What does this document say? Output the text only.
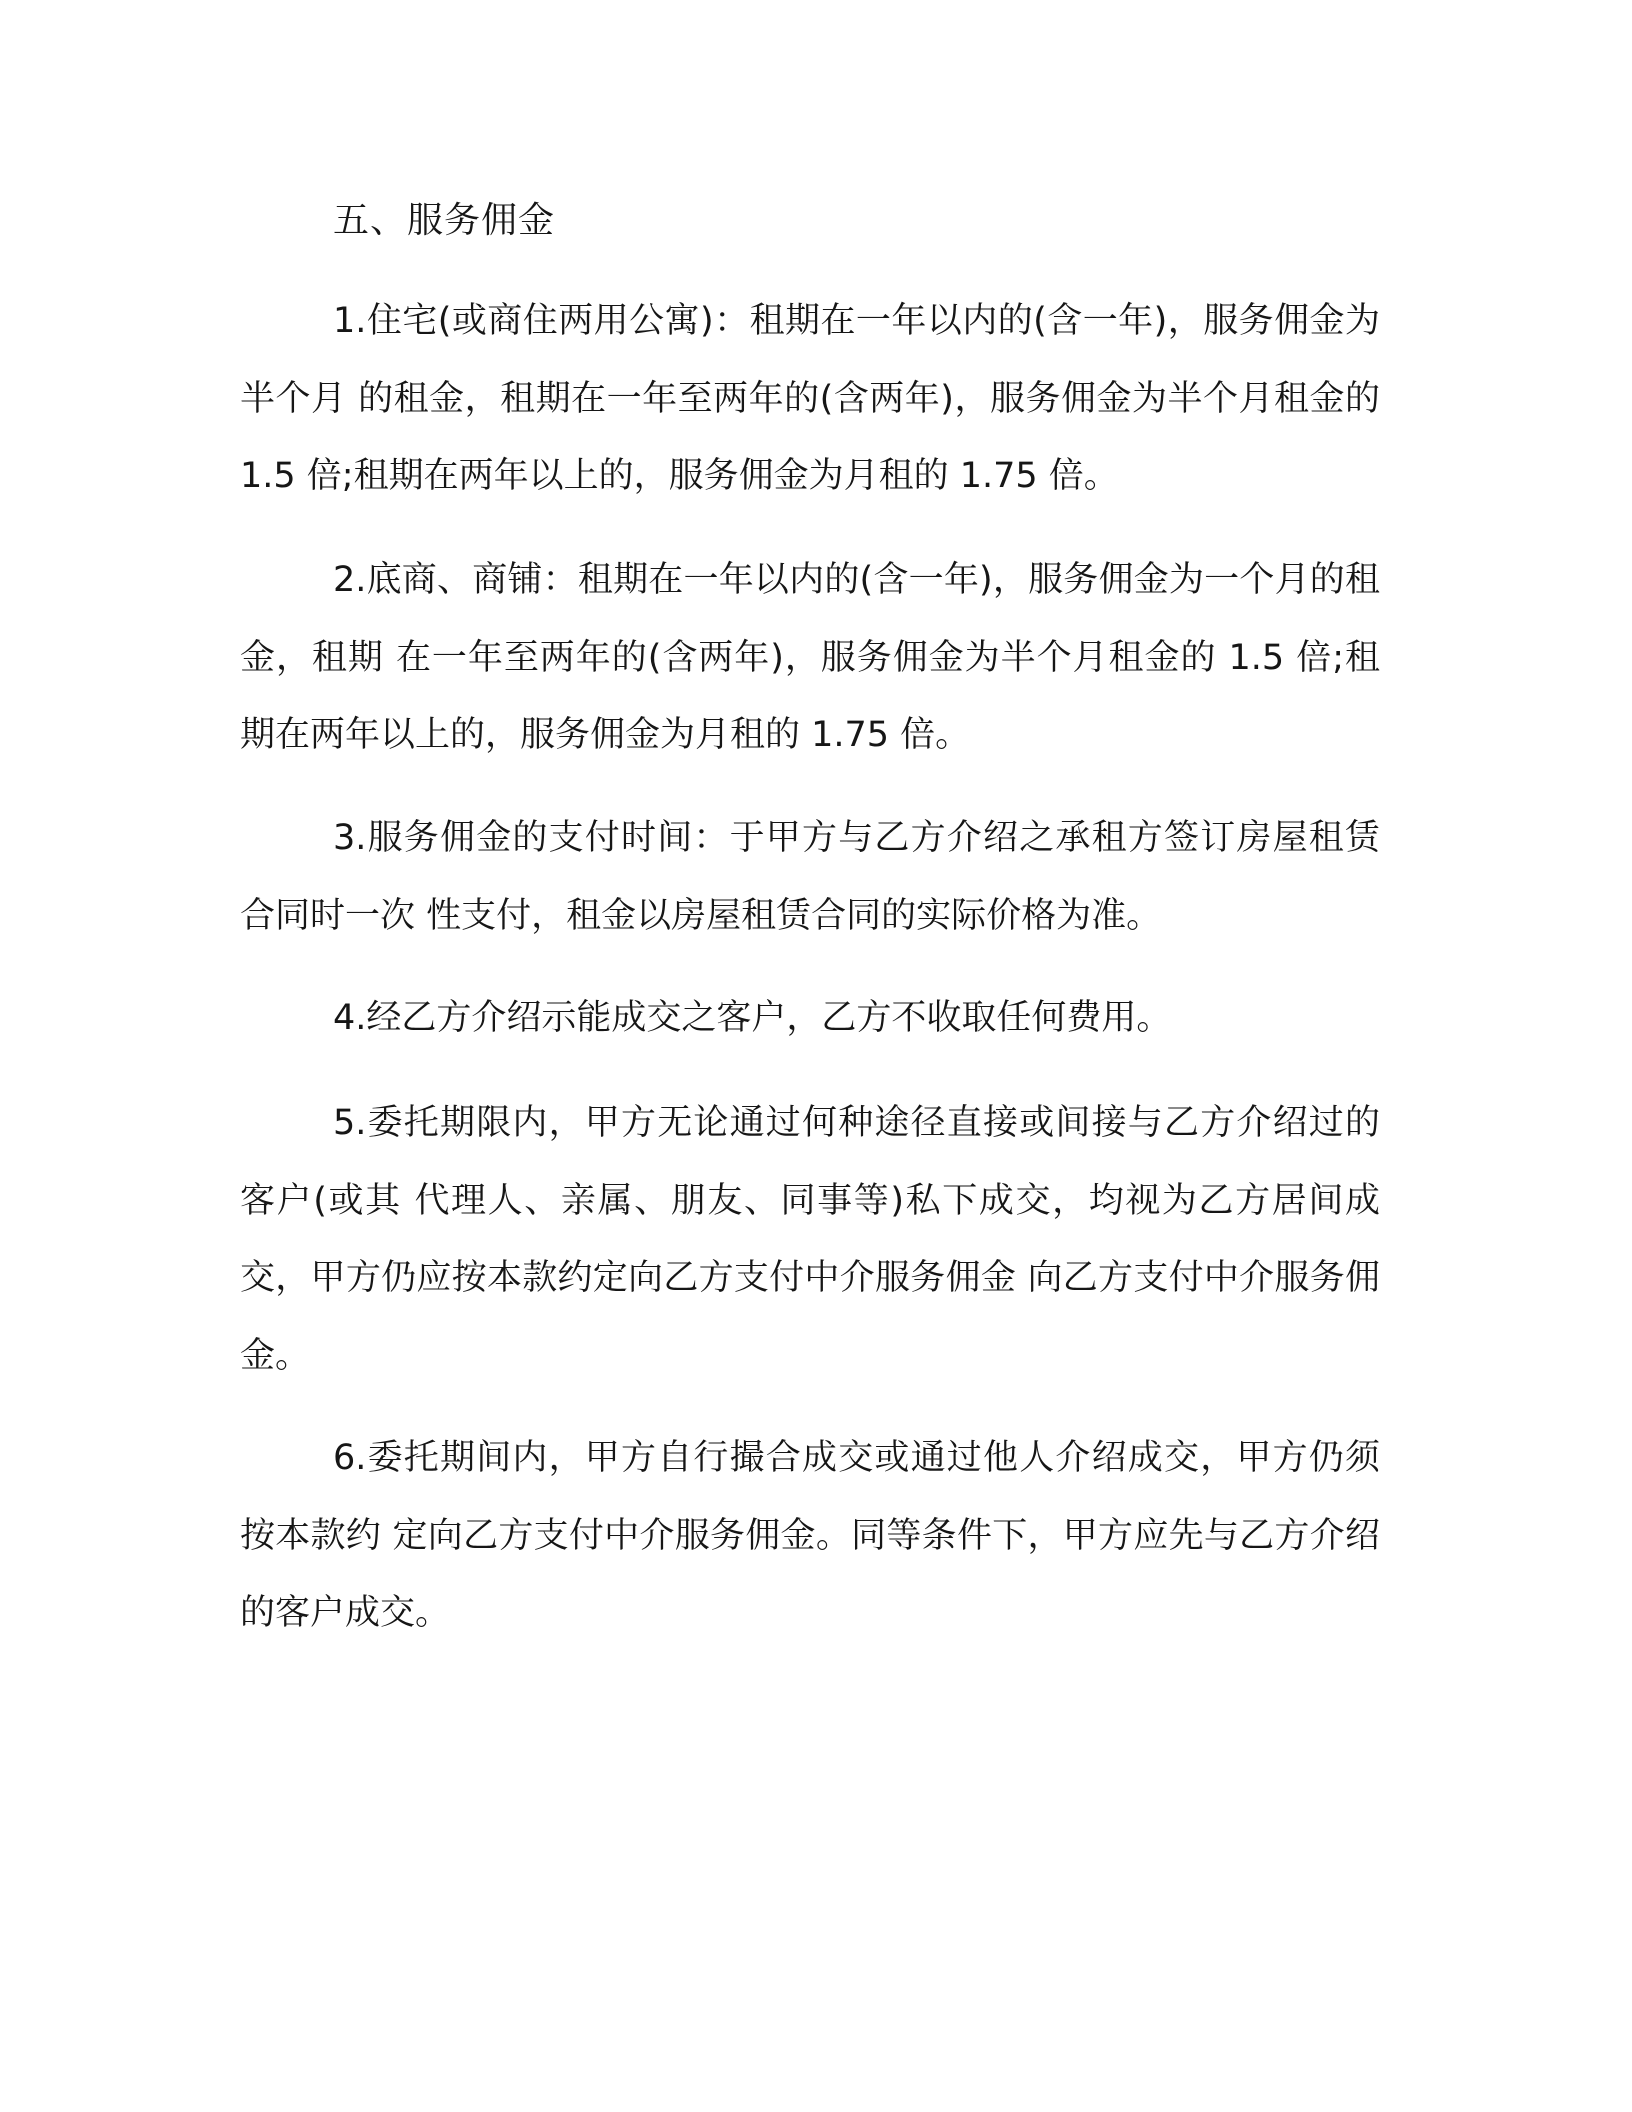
五、服务佣金

1.住宅(或商住两用公寓)：租期在一年以内的(含一年)，服务佣金为半个月 的租金，租期在一年至两年的(含两年)，服务佣金为半个月租金的 1.5 倍;租期在两年以上的，服务佣金为月租的 1.75 倍。

2.底商、商铺：租期在一年以内的(含一年)，服务佣金为一个月的租金，租期 在一年至两年的(含两年)，服务佣金为半个月租金的 1.5 倍;租期在两年以上的，服务佣金为月租的 1.75 倍。

3.服务佣金的支付时间：于甲方与乙方介绍之承租方签订房屋租赁合同时一次 性支付，租金以房屋租赁合同的实际价格为准。

4.经乙方介绍示能成交之客户，乙方不收取任何费用。

5.委托期限内，甲方无论通过何种途径直接或间接与乙方介绍过的客户(或其 代理人、亲属、朋友、同事等)私下成交，均视为乙方居间成交，甲方仍应按本款约定向乙方支付中介服务佣金 向乙方支付中介服务佣金。

6.委托期间内，甲方自行撮合成交或通过他人介绍成交，甲方仍须按本款约 定向乙方支付中介服务佣金。同等条件下，甲方应先与乙方介绍的客户成交。
